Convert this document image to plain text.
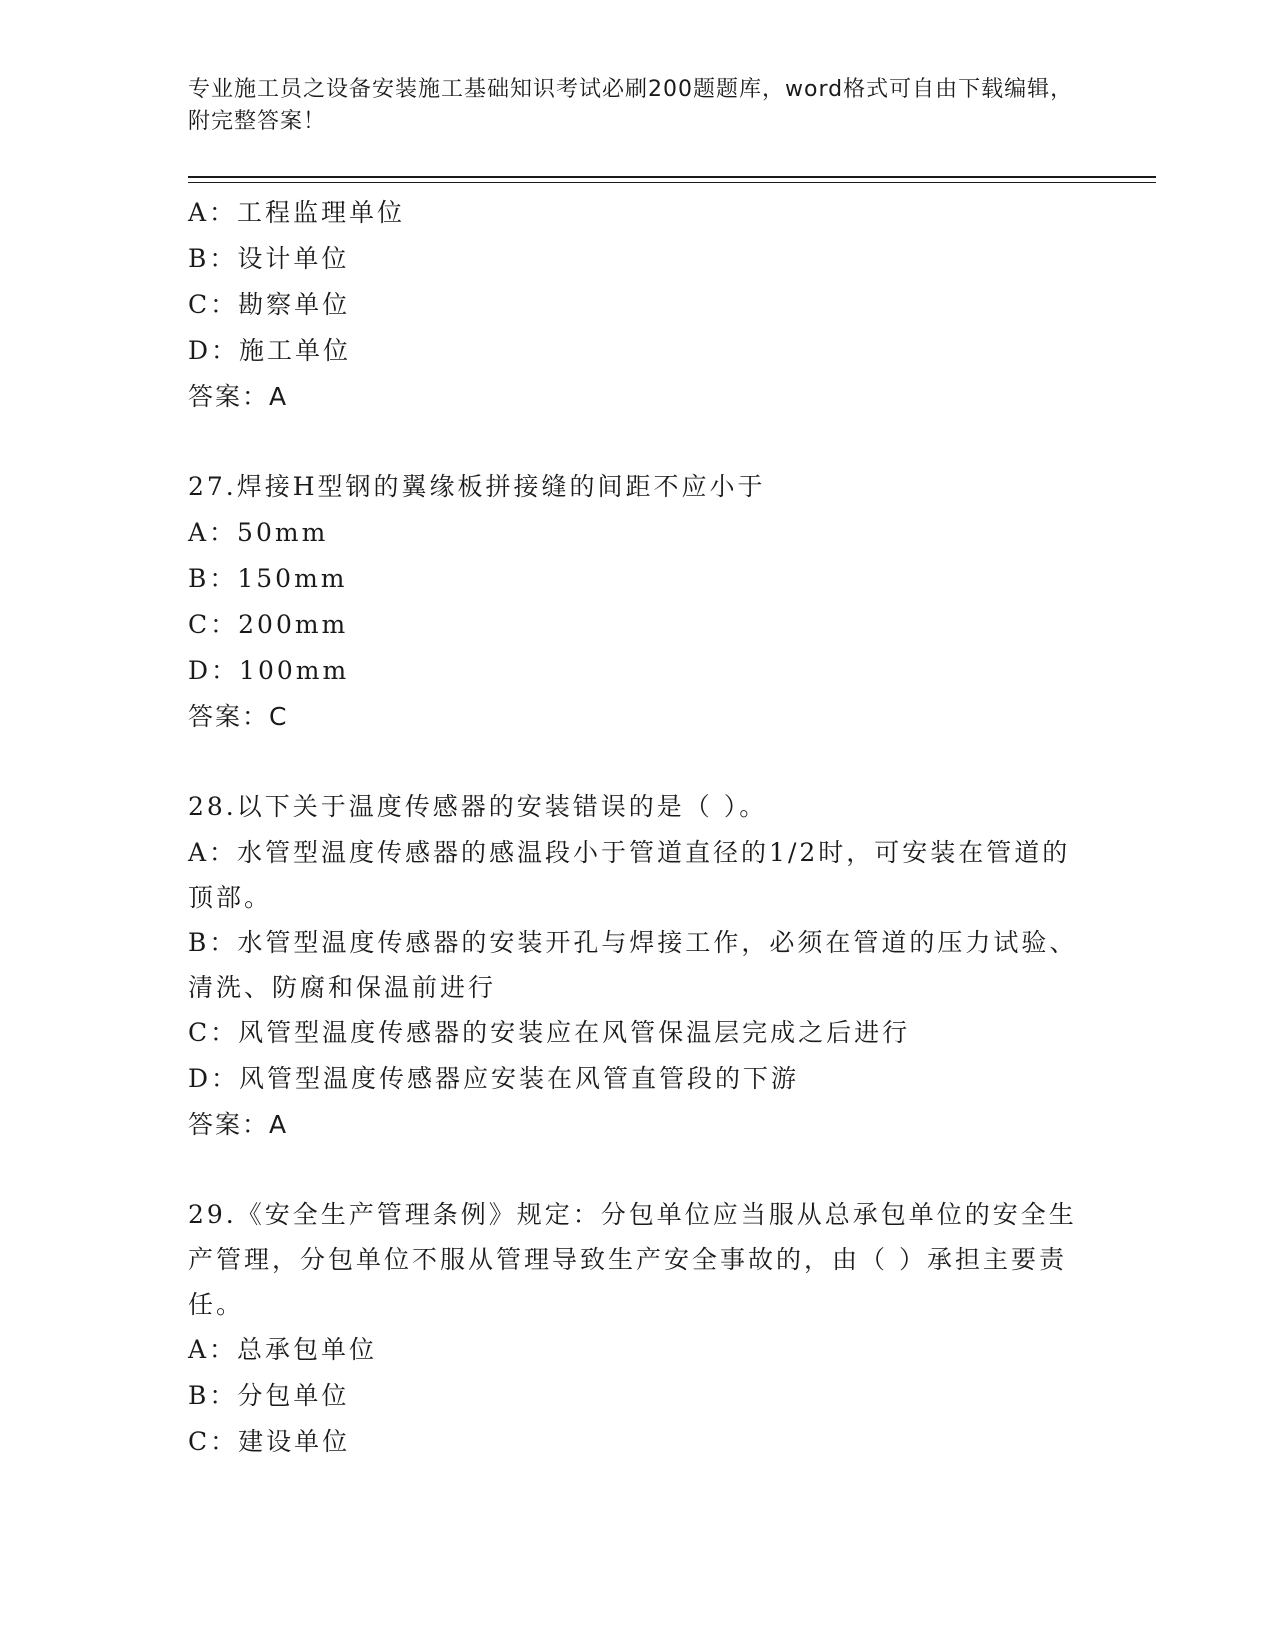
专业施工员之设备安装施工基础知识考试必刷200题题库，word格式可自由下载编辑，附完整答案！
A：工程监理单位
B：设计单位
C：勘察单位
D：施工单位
答案：A
27.焊接H型钢的翼缘板拼接缝的间距不应小于
A：50mm
B：150mm
C：200mm
D：100mm
答案：C
28.以下关于温度传感器的安装错误的是（ ）。
A：水管型温度传感器的感温段小于管道直径的1/2时，可安装在管道的顶部。
B：水管型温度传感器的安装开孔与焊接工作，必须在管道的压力试验、清洗、防腐和保温前进行
C：风管型温度传感器的安装应在风管保温层完成之后进行
D：风管型温度传感器应安装在风管直管段的下游
答案：A
29.《安全生产管理条例》规定：分包单位应当服从总承包单位的安全生产管理，分包单位不服从管理导致生产安全事故的，由（ ）承担主要责任。
A：总承包单位
B：分包单位
C：建设单位
